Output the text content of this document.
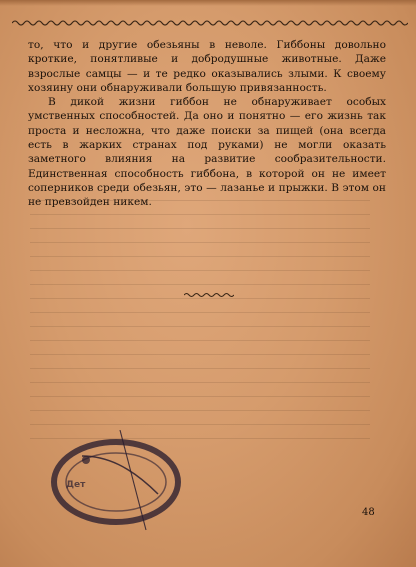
то, что и другие обезьяны в неволе. Гиббоны довольно кроткие, понятливые и добродушные животные. Даже взрослые самцы — и те редко оказывались злыми. К своему хозяину они обнаруживали большую привязанность.

В дикой жизни гиббон не обнаруживает особых умственных способностей. Да оно и понятно — его жизнь так проста и несложна, что даже поиски за пищей (она всегда есть в жарких странах под руками) не могли оказать заметного влияния на развитие сообразительности. Единственная способность гиббона, в которой он не имеет соперников среди обезьян, это — лазанье и прыжки. В этом он не превзойден никем.

Дет
48
